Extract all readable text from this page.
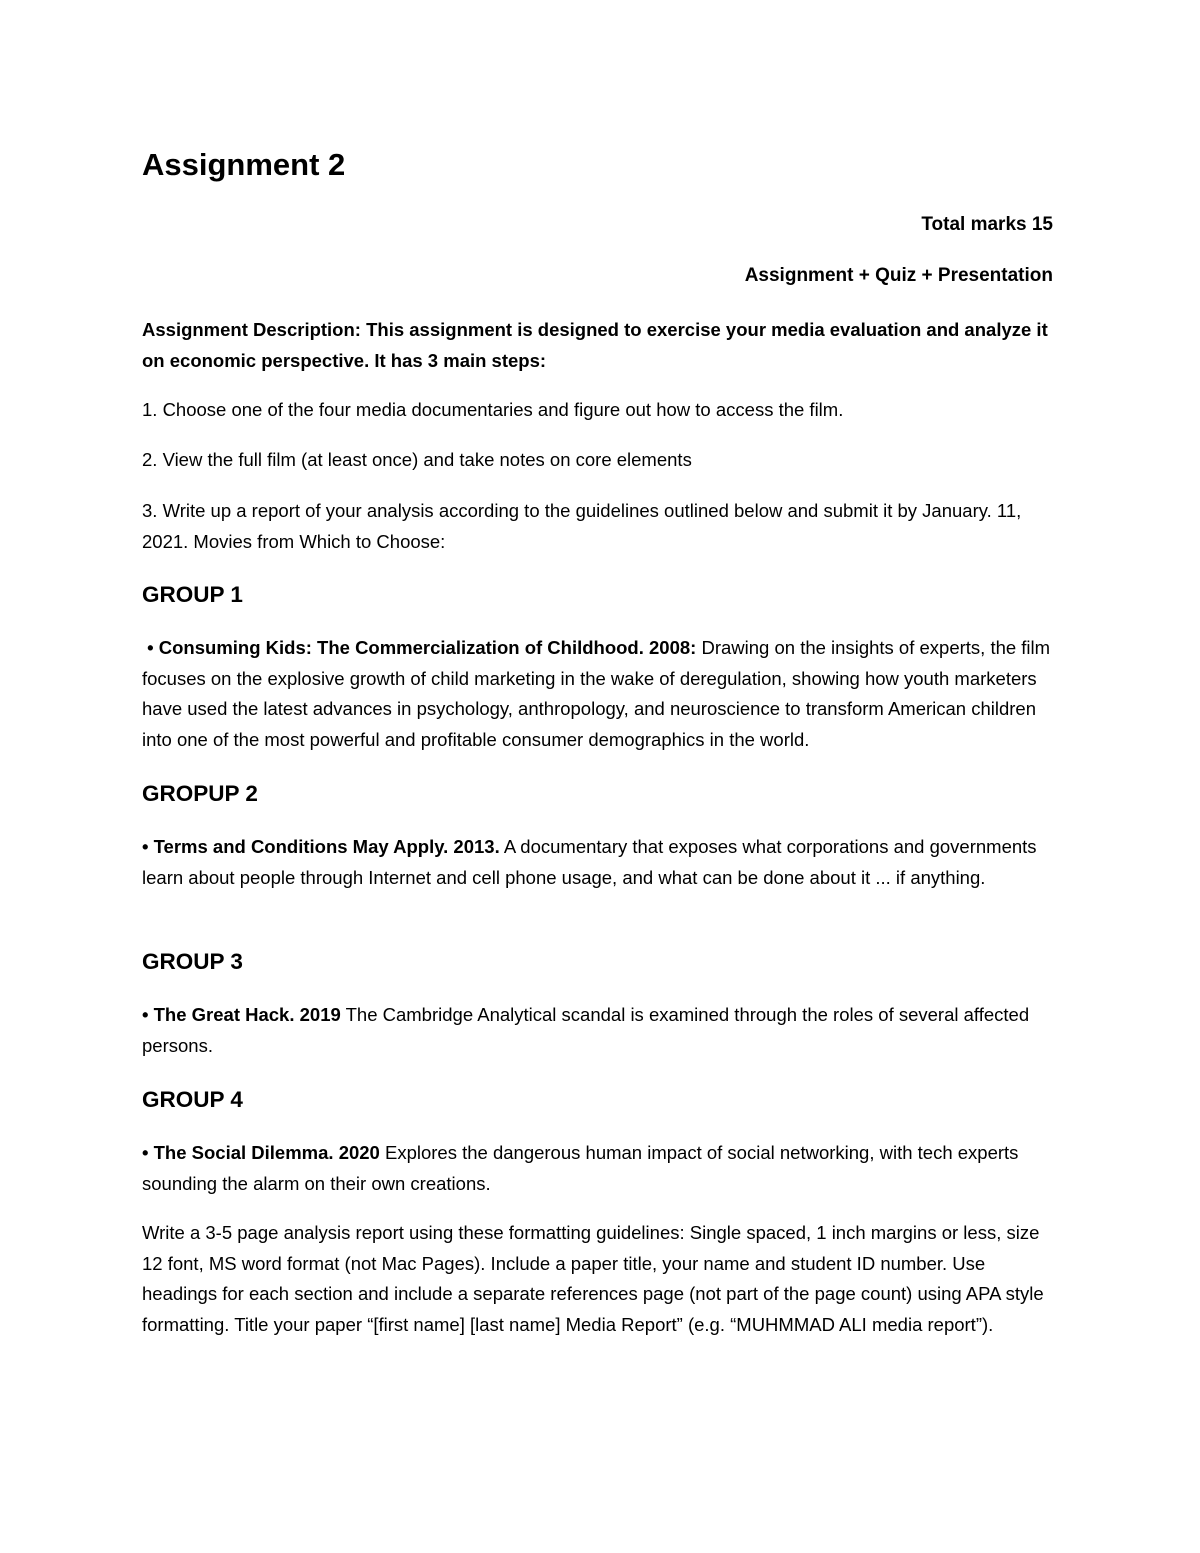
Assignment 2
Total marks 15
Assignment + Quiz + Presentation

Assignment Description: This assignment is designed to exercise your media evaluation and analyze it on economic perspective. It has 3 main steps:

1. Choose one of the four media documentaries and figure out how to access the film.

2. View the full film (at least once) and take notes on core elements

3. Write up a report of your analysis according to the guidelines outlined below and submit it by January. 11, 2021. Movies from Which to Choose:

GROUP 1

• Consuming Kids: The Commercialization of Childhood. 2008: Drawing on the insights of experts, the film focuses on the explosive growth of child marketing in the wake of deregulation, showing how youth marketers have used the latest advances in psychology, anthropology, and neuroscience to transform American children into one of the most powerful and profitable consumer demographics in the world.

GROPUP 2

• Terms and Conditions May Apply. 2013. A documentary that exposes what corporations and governments learn about people through Internet and cell phone usage, and what can be done about it ... if anything.

GROUP 3

• The Great Hack. 2019 The Cambridge Analytical scandal is examined through the roles of several affected persons.

GROUP 4

• The Social Dilemma. 2020 Explores the dangerous human impact of social networking, with tech experts sounding the alarm on their own creations.

Write a 3-5 page analysis report using these formatting guidelines: Single spaced, 1 inch margins or less, size 12 font, MS word format (not Mac Pages). Include a paper title, your name and student ID number. Use headings for each section and include a separate references page (not part of the page count) using APA style formatting. Title your paper “[first name] [last name] Media Report” (e.g. “MUHMMAD ALI media report”).
